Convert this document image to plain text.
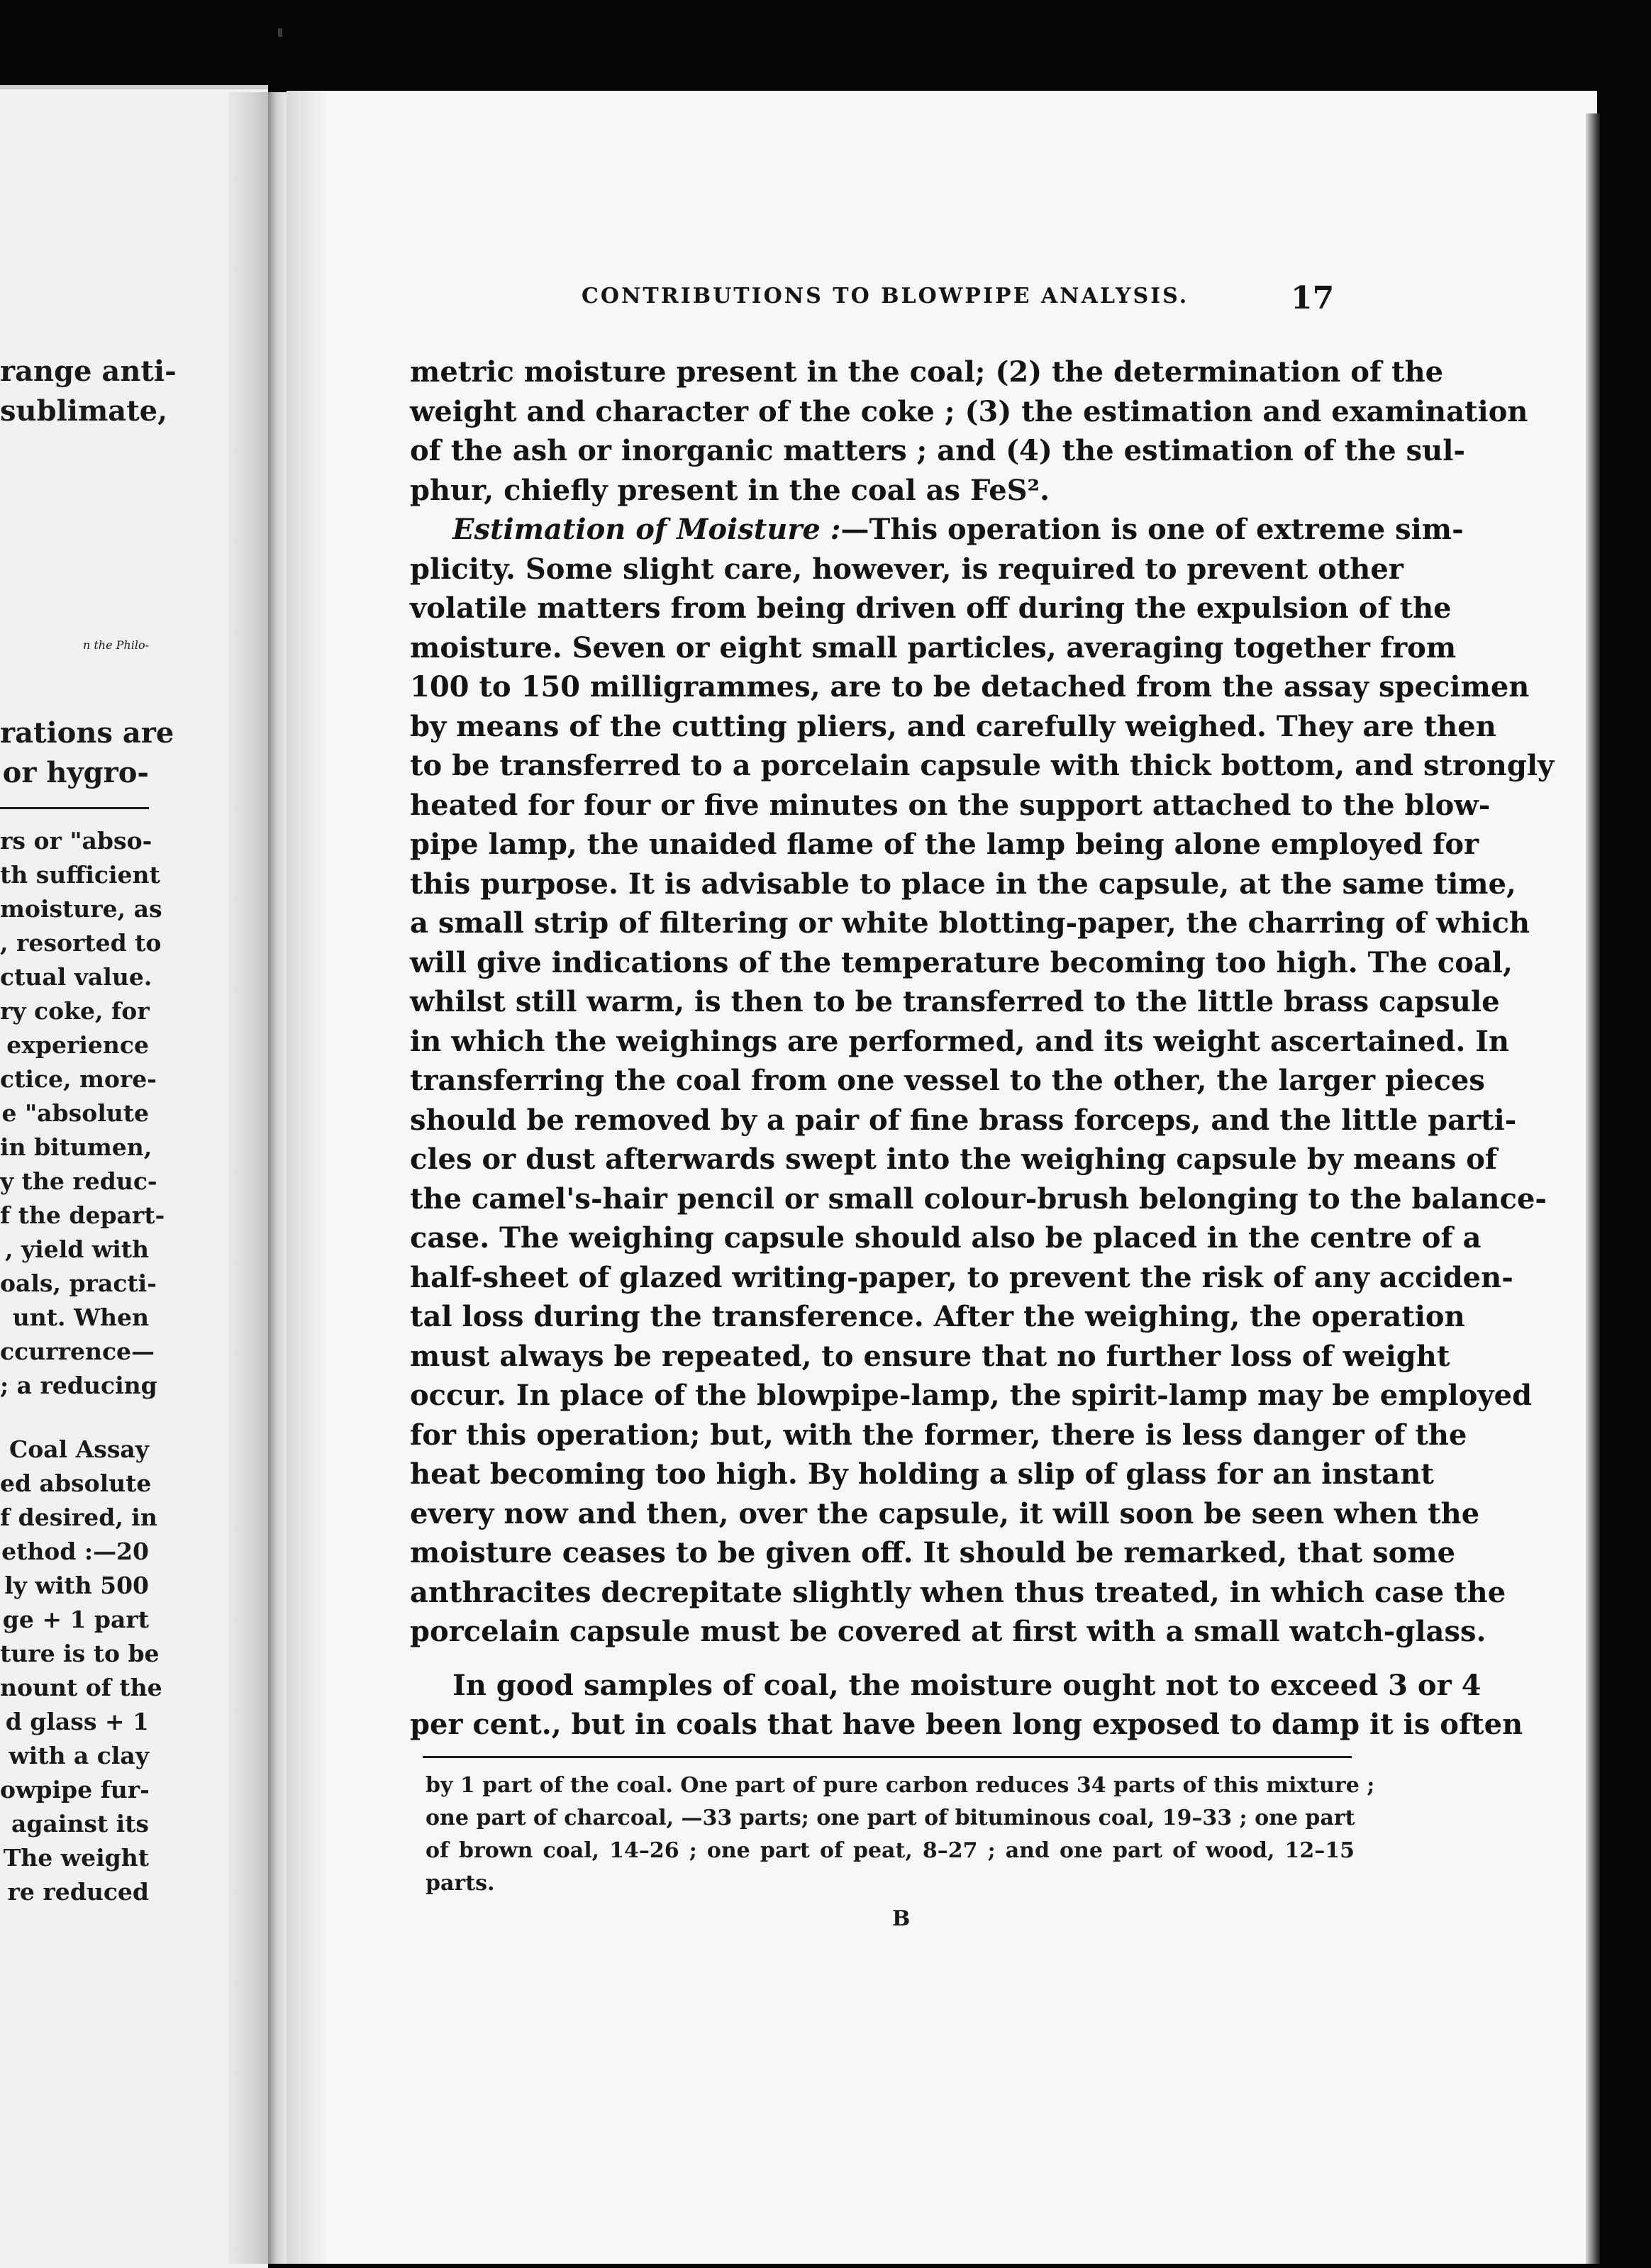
CONTRIBUTIONS TO BLOWPIPE ANALYSIS.	17
metric moisture present in the coal; (2) the determination of the
weight and character of the coke ; (3) the estimation and examination
of the ash or inorganic matters ; and (4) the estimation of the sul-
phur, chiefly present in the coal as FeS².
Estimation of Moisture :—This operation is one of extreme sim-
plicity. Some slight care, however, is required to prevent other
volatile matters from being driven off during the expulsion of the
moisture. Seven or eight small particles, averaging together from
100 to 150 milligrammes, are to be detached from the assay specimen
by means of the cutting pliers, and carefully weighed. They are then
to be transferred to a porcelain capsule with thick bottom, and strongly
heated for four or five minutes on the support attached to the blow-
pipe lamp, the unaided flame of the lamp being alone employed for
this purpose. It is advisable to place in the capsule, at the same time,
a small strip of filtering or white blotting-paper, the charring of which
will give indications of the temperature becoming too high. The coal,
whilst still warm, is then to be transferred to the little brass capsule
in which the weighings are performed, and its weight ascertained. In
transferring the coal from one vessel to the other, the larger pieces
should be removed by a pair of fine brass forceps, and the little parti-
cles or dust afterwards swept into the weighing capsule by means of
the camel's-hair pencil or small colour-brush belonging to the balance-
case. The weighing capsule should also be placed in the centre of a
half-sheet of glazed writing-paper, to prevent the risk of any acciden-
tal loss during the transference. After the weighing, the operation
must always be repeated, to ensure that no further loss of weight
occur. In place of the blowpipe-lamp, the spirit-lamp may be employed
for this operation; but, with the former, there is less danger of the
heat becoming too high. By holding a slip of glass for an instant
every now and then, over the capsule, it will soon be seen when the
moisture ceases to be given off. It should be remarked, that some
anthracites decrepitate slightly when thus treated, in which case the
porcelain capsule must be covered at first with a small watch-glass.
In good samples of coal, the moisture ought not to exceed 3 or 4
per cent., but in coals that have been long exposed to damp it is often
by 1 part of the coal. One part of pure carbon reduces 34 parts of this mixture ;
one part of charcoal, —33 parts; one part of bituminous coal, 19–33 ; one part
of brown coal, 14–26 ; one part of peat, 8–27 ; and one part of wood, 12–15
parts.
B
range anti-
sublimate,
n the Philo-
rations are
or hygro-
rs or "abso-
th sufficient
moisture, as
, resorted to
ctual value.
ry coke, for
experience
ctice, more-
e "absolute
in bitumen,
y the reduc-
f the depart-
, yield with
oals, practi-
unt. When
ccurrence—
; a reducing
Coal Assay
ed absolute
f desired, in
ethod :—20
ly with 500
ge + 1 part
ture is to be
nount of the
d glass + 1
with a clay
owpipe fur-
against its
The weight
re reduced
